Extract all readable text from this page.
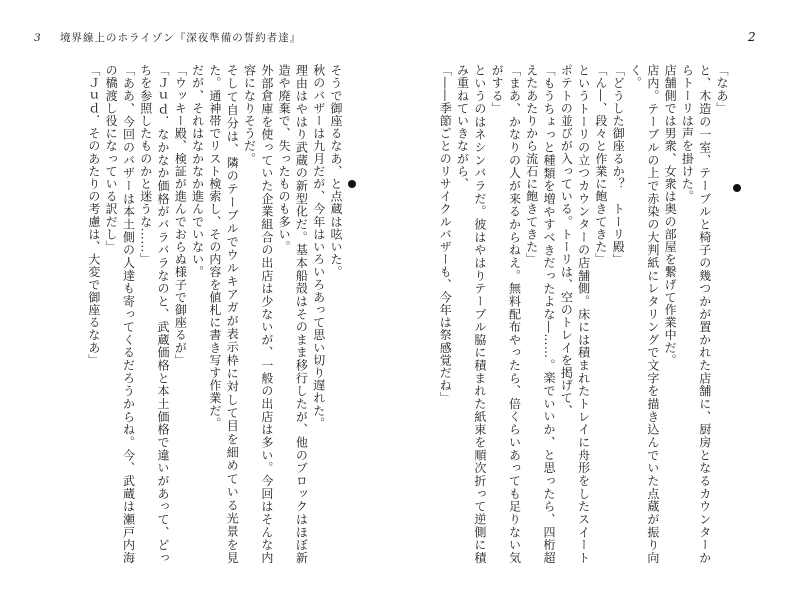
3 境界線上のホライゾン『深夜準備の誓約者達』	2

「なあ」

と、木造の一室、テーブルと椅子の幾つかが置かれた店舗に、厨房となるカウンターからトーリは声を掛けた。

店舗側では男衆、女衆は奥の部屋を繋げて作業中だ。

店内。テーブルの上で赤染の大判紙にレタリングで文字を描き込んでいた点蔵が振り向く。

「どうした御座るか？　トーリ殿」

「ん―、段々と作業に飽きてきた」

というトーリの立つカウンターの店舗側。床には積まれたトレイに舟形をしたスイートポテトの並びが入っている。トーリは、空のトレイを掲げて、

「もうちょっと種類を増やすべきだったよな―……。楽でいいか、と思ったら、四桁超えたあたりから流石に飽きてきた」

「まあ、かなりの人が来るからねえ。無料配布やったら、倍くらいあっても足りない気がする」

というのはネシンバラだ。彼はやはりテーブル脇に積まれた紙束を順次折って逆側に積み重ねていきながら、

「――季節ごとのリサイクルバザーも、今年は祭感覚だね」

そうで御座るなあ、と点蔵は呟いた。

秋のバザーは九月だが、今年はいろいろあって思い切り遅れた。

理由はやはり武蔵の新型化だ。基本船殻はそのまま移行したが、他のブロックはほぼ新造や廃棄で、失ったものも多い。

外部倉庫を使っていた企業組合の出店は少ないが、一般の出店は多い。今回はそんな内容になりそうだ。

そして自分は、隣のテーブルでウルキアガが表示枠に対して目を細めている光景を見た。通神帯でリスト検索し、その内容を値札に書き写す作業だ。

だが、それはなかなか進んでいない。

「ウッキー殿、検証が進んでおらぬ様子で御座るが」

「Ｊｕｄ．なかなか価格がバラバラなのと、武蔵価格と本土価格で違いがあって、どっちを参照したものかと迷うな……」

「ああ、今回のバザーは本土側の人達も寄ってくるだろうからね。今、武蔵は瀬戸内海の橋渡し役になっている訳だし」

「Ｊｕｄ．そのあたりの考慮は、大変で御座るなあ」
